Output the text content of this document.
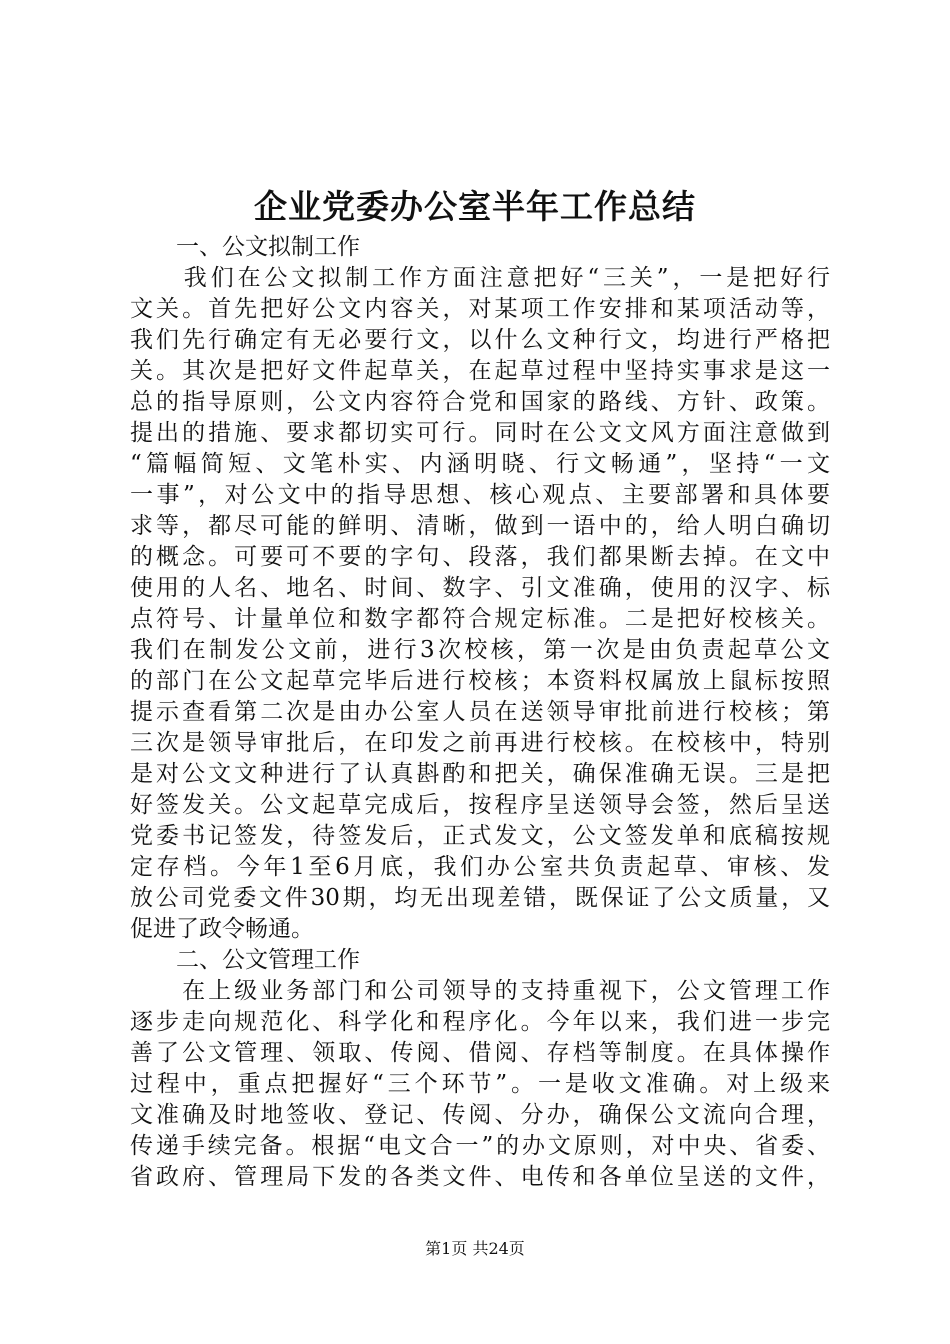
企业党委办公室半年工作总结
　　一、公文拟制工作
　　我们在公文拟制工作方面注意把好“三关”，一是把好行
文关。首先把好公文内容关，对某项工作安排和某项活动等，
我们先行确定有无必要行文，以什么文种行文，均进行严格把
关。其次是把好文件起草关，在起草过程中坚持实事求是这一
总的指导原则，公文内容符合党和国家的路线、方针、政策。
提出的措施、要求都切实可行。同时在公文文风方面注意做到
“篇幅简短、文笔朴实、内涵明晓、行文畅通”，坚持“一文
一事”，对公文中的指导思想、核心观点、主要部署和具体要
求等，都尽可能的鲜明、清晰，做到一语中的，给人明白确切
的概念。可要可不要的字句、段落，我们都果断去掉。在文中
使用的人名、地名、时间、数字、引文准确，使用的汉字、标
点符号、计量单位和数字都符合规定标准。二是把好校核关。
我们在制发公文前，进行3次校核，第一次是由负责起草公文
的部门在公文起草完毕后进行校核；本资料权属放上鼠标按照
提示查看第二次是由办公室人员在送领导审批前进行校核；第
三次是领导审批后，在印发之前再进行校核。在校核中，特别
是对公文文种进行了认真斟酌和把关，确保准确无误。三是把
好签发关。公文起草完成后，按程序呈送领导会签，然后呈送
党委书记签发，待签发后，正式发文，公文签发单和底稿按规
定存档。今年1至6月底，我们办公室共负责起草、审核、发
放公司党委文件30期，均无出现差错，既保证了公文质量，又
促进了政令畅通。
　　二、公文管理工作
　　在上级业务部门和公司领导的支持重视下，公文管理工作
逐步走向规范化、科学化和程序化。今年以来，我们进一步完
善了公文管理、领取、传阅、借阅、存档等制度。在具体操作
过程中，重点把握好“三个环节”。一是收文准确。对上级来
文准确及时地签收、登记、传阅、分办，确保公文流向合理，
传递手续完备。根据“电文合一”的办文原则，对中央、省委、
省政府、管理局下发的各类文件、电传和各单位呈送的文件，
第1页 共24页
